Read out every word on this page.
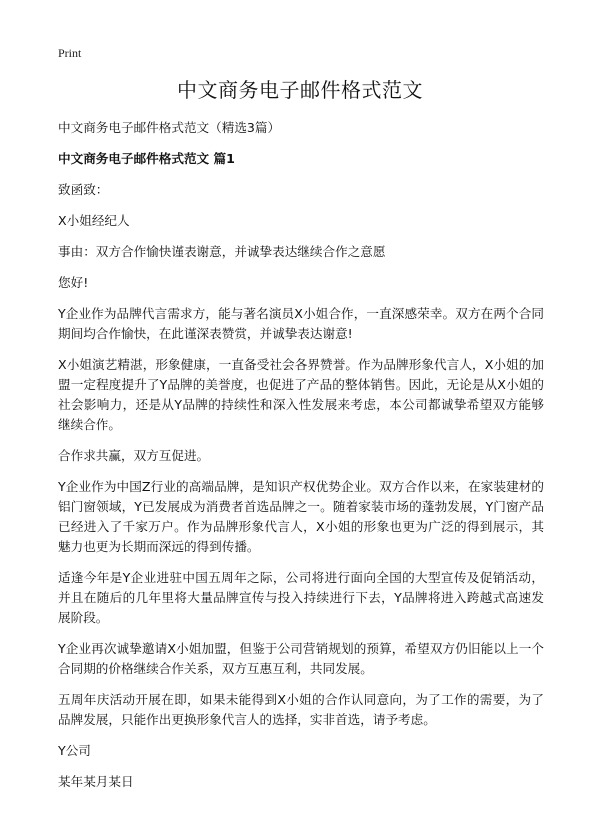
Print
中文商务电子邮件格式范文

中文商务电子邮件格式范文（精选3篇）

中文商务电子邮件格式范文 篇1

致函致：

X小姐经纪人

事由：双方合作愉快谨表谢意，并诚挚表达继续合作之意愿

您好!

Y企业作为品牌代言需求方，能与著名演员X小姐合作，一直深感荣幸。双方在两个合同期间均合作愉快，在此谨深表赞赏，并诚挚表达谢意!

X小姐演艺精湛，形象健康，一直备受社会各界赞誉。作为品牌形象代言人，X小姐的加盟一定程度提升了Y品牌的美誉度，也促进了产品的整体销售。因此，无论是从X小姐的社会影响力，还是从Y品牌的持续性和深入性发展来考虑，本公司都诚挚希望双方能够继续合作。

合作求共赢，双方互促进。

Y企业作为中国Z行业的高端品牌，是知识产权优势企业。双方合作以来，在家装建材的铝门窗领域，Y已发展成为消费者首选品牌之一。随着家装市场的蓬勃发展，Y门窗产品已经进入了千家万户。作为品牌形象代言人，X小姐的形象也更为广泛的得到展示，其魅力也更为长期而深远的得到传播。

适逢今年是Y企业进驻中国五周年之际，公司将进行面向全国的大型宣传及促销活动，并且在随后的几年里将大量品牌宣传与投入持续进行下去，Y品牌将进入跨越式高速发展阶段。

Y企业再次诚挚邀请X小姐加盟，但鉴于公司营销规划的预算，希望双方仍旧能以上一个合同期的价格继续合作关系，双方互惠互利，共同发展。

五周年庆活动开展在即，如果未能得到X小姐的合作认同意向，为了工作的需要，为了品牌发展，只能作出更换形象代言人的选择，实非首选，请予考虑。

Y公司

某年某月某日
